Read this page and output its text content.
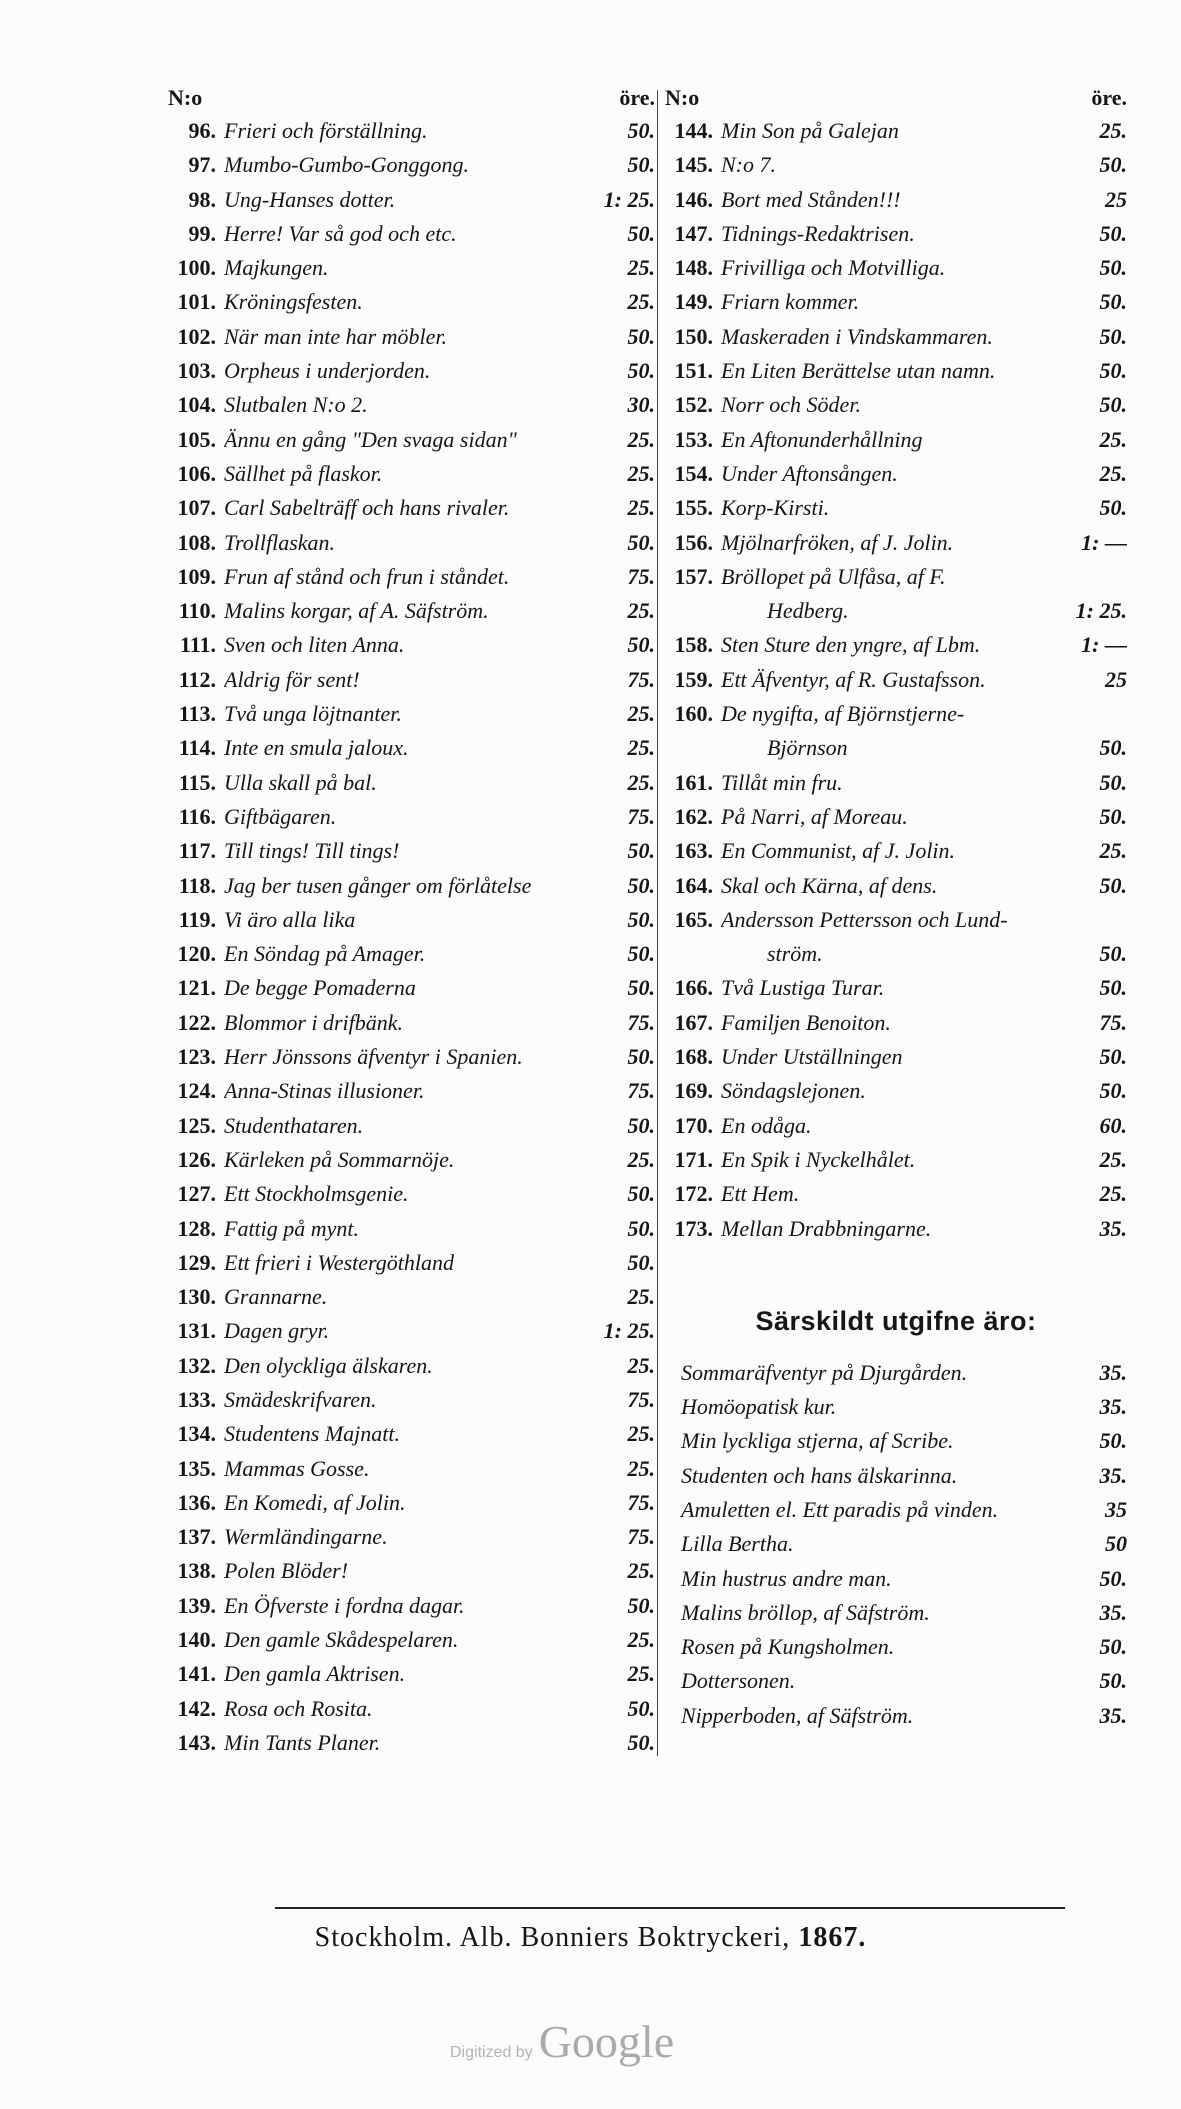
N:o	öre.
96. Frieri och förställning.	50.
97. Mumbo-Gumbo-Gonggong.	50.
98. Ung-Hanses dotter.	1: 25.
99. Herre! Var så god och etc.	50.
100. Majkungen.	25.
101. Kröningsfesten.	25.
102. När man inte har möbler.	50.
103. Orpheus i underjorden.	50.
104. Slutbalen N:o 2.	30.
105. Ännu en gång "Den svaga sidan"	25.
106. Sällhet på flaskor.	25.
107. Carl Sabelträff och hans rivaler.	25.
108. Trollflaskan.	50.
109. Frun af stånd och frun i ståndet.	75.
110. Malins korgar, af A. Säfström.	25.
111. Sven och liten Anna.	50.
112. Aldrig för sent!	75.
113. Två unga löjtnanter.	25.
114. Inte en smula jaloux.	25.
115. Ulla skall på bal.	25.
116. Giftbägaren.	75.
117. Till tings! Till tings!	50.
118. Jag ber tusen gånger om förlåtelse	50.
119. Vi äro alla lika	50.
120. En Söndag på Amager.	50.
121. De begge Pomaderna	50.
122. Blommor i drifbänk.	75.
123. Herr Jönssons äfventyr i Spanien.	50.
124. Anna-Stinas illusioner.	75.
125. Studenthataren.	50.
126. Kärleken på Sommarnöje.	25.
127. Ett Stockholmsgenie.	50.
128. Fattig på mynt.	50.
129. Ett frieri i Westergöthland	50.
130. Grannarne.	25.
131. Dagen gryr.	1: 25.
132. Den olyckliga älskaren.	25.
133. Smädeskrifvaren.	75.
134. Studentens Majnatt.	25.
135. Mammas Gosse.	25.
136. En Komedi, af Jolin.	75.
137. Wermländingarne.	75.
138. Polen Blöder!	25.
139. En Öfverste i fordna dagar.	50.
140. Den gamle Skådespelaren.	25.
141. Den gamla Aktrisen.	25.
142. Rosa och Rosita.	50.
143. Min Tants Planer.	50.
N:o	öre.
144. Min Son på Galejan	25.
145. N:o 7.	50.
146. Bort med Stånden!!!	25
147. Tidnings-Redaktrisen.	50.
148. Frivilliga och Motvilliga.	50.
149. Friarn kommer.	50.
150. Maskeraden i Vindskammaren.	50.
151. En Liten Berättelse utan namn.	50.
152. Norr och Söder.	50.
153. En Aftonunderhållning	25.
154. Under Aftonsången.	25.
155. Korp-Kirsti.	50.
156. Mjölnarfröken, af J. Jolin.	1: —
157. Bröllopet på Ulfåsa, af F.
Hedberg.	1: 25.
158. Sten Sture den yngre, af Lbm.	1: —
159. Ett Äfventyr, af R. Gustafsson.	25
160. De nygifta, af Björnstjerne-
Björnson	50.
161. Tillåt min fru.	50.
162. På Narri, af Moreau.	50.
163. En Communist, af J. Jolin.	25.
164. Skal och Kärna, af dens.	50.
165. Andersson Pettersson och Lund-
ström.	50.
166. Två Lustiga Turar.	50.
167. Familjen Benoiton.	75.
168. Under Utställningen	50.
169. Söndagslejonen.	50.
170. En odåga.	60.
171. En Spik i Nyckelhålet.	25.
172. Ett Hem.	25.
173. Mellan Drabbningarne.	35.
Särskildt utgifne äro:
Sommaräfventyr på Djurgården.	35.
Homöopatisk kur.	35.
Min lyckliga stjerna, af Scribe.	50.
Studenten och hans älskarinna.	35.
Amuletten el. Ett paradis på vinden.	35
Lilla Bertha.	50
Min hustrus andre man.	50.
Malins bröllop, af Säfström.	35.
Rosen på Kungsholmen.	50.
Dottersonen.	50.
Nipperboden, af Säfström.	35.
Stockholm. Alb. Bonniers Boktryckeri, 1867.
Digitized by Google
